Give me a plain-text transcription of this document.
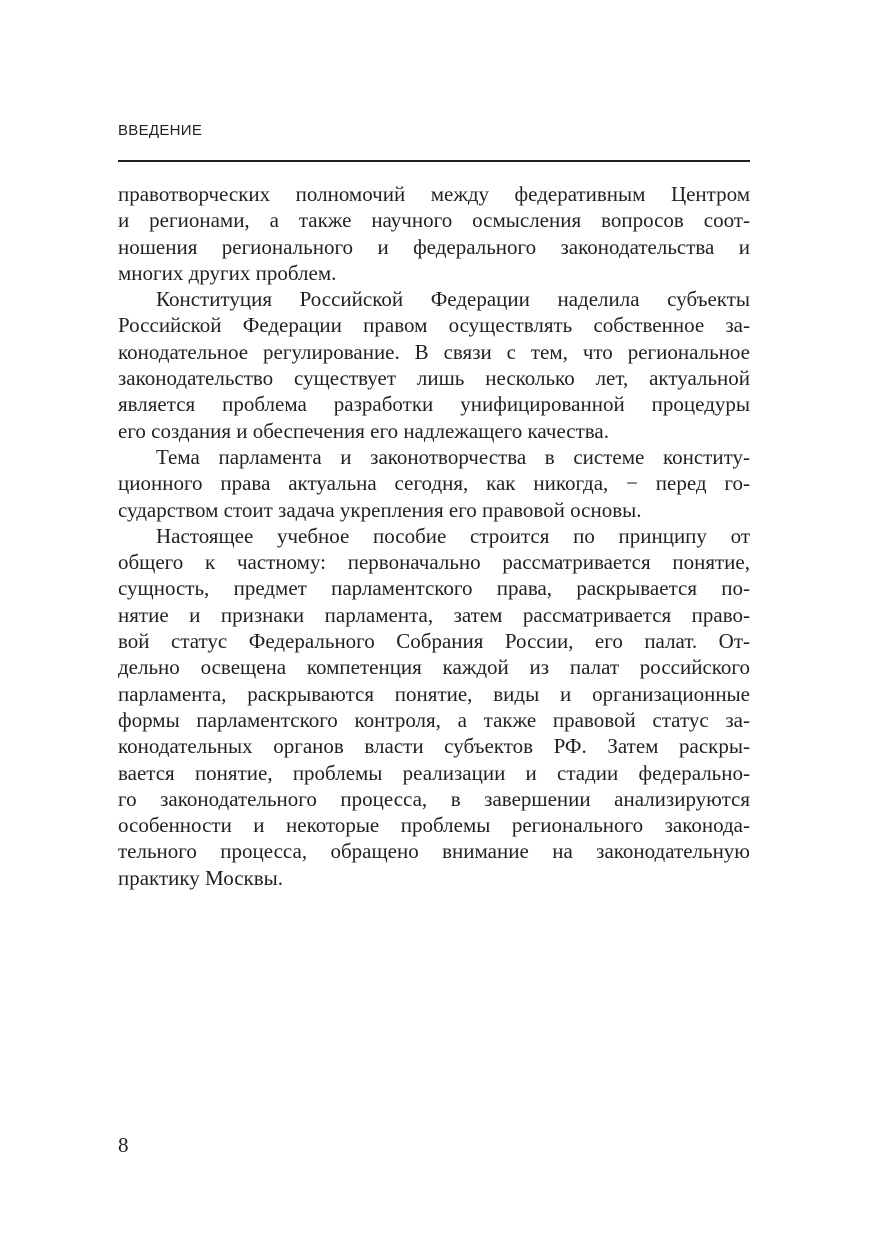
ВВЕДЕНИЕ

правотворческих полномочий между федеративным Центром
и регионами, а также научного осмысления вопросов соот-
ношения регионального и федерального законодательства и
многих других проблем.

Конституция Российской Федерации наделила субъекты
Российской Федерации правом осуществлять собственное за-
конодательное регулирование. В связи с тем, что региональное
законодательство существует лишь несколько лет, актуальной
является проблема разработки унифицированной процедуры
его создания и обеспечения его надлежащего качества.

Тема парламента и законотворчества в системе конститу-
ционного права актуальна сегодня, как никогда, − перед го-
сударством стоит задача укрепления его правовой основы.

Настоящее учебное пособие строится по принципу от
общего к частному: первоначально рассматривается понятие,
сущность, предмет парламентского права, раскрывается по-
нятие и признаки парламента, затем рассматривается право-
вой статус Федерального Собрания России, его палат. От-
дельно освещена компетенция каждой из палат российского
парламента, раскрываются понятие, виды и организационные
формы парламентского контроля, а также правовой статус за-
конодательных органов власти субъектов РФ. Затем раскры-
вается понятие, проблемы реализации и стадии федерально-
го законодательного процесса, в завершении анализируются
особенности и некоторые проблемы регионального законода-
тельного процесса, обращено внимание на законодательную
практику Москвы.

8
